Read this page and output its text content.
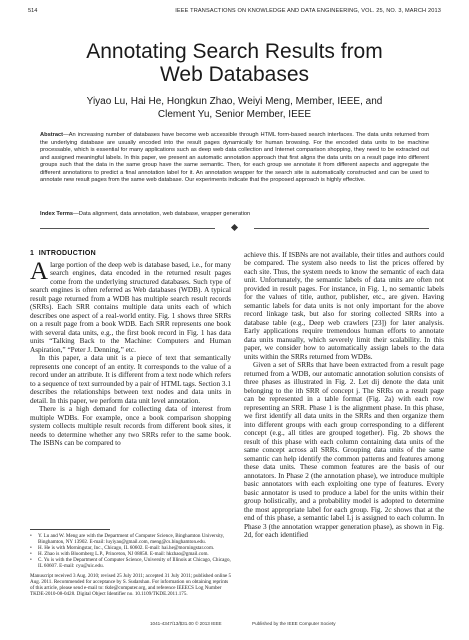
514	IEEE TRANSACTIONS ON KNOWLEDGE AND DATA ENGINEERING, VOL. 25, NO. 3, MARCH 2013
Annotating Search Results from
Web Databases
Yiyao Lu, Hai He, Hongkun Zhao, Weiyi Meng, Member, IEEE, and
Clement Yu, Senior Member, IEEE
Abstract—An increasing number of databases have become web accessible through HTML form-based search interfaces. The data units returned from the underlying database are usually encoded into the result pages dynamically for human browsing. For the encoded data units to be machine processable, which is essential for many applications such as deep web data collection and Internet comparison shopping, they need to be extracted out and assigned meaningful labels. In this paper, we present an automatic annotation approach that first aligns the data units on a result page into different groups such that the data in the same group have the same semantic. Then, for each group we annotate it from different aspects and aggregate the different annotations to predict a final annotation label for it. An annotation wrapper for the search site is automatically constructed and can be used to annotate new result pages from the same web database. Our experiments indicate that the proposed approach is highly effective.
Index Terms—Data alignment, data annotation, web database, wrapper generation
1 INTRODUCTION

Alarge portion of the deep web is database based, i.e., for many search engines, data encoded in the returned result pages come from the underlying structured databases. Such type of search engines is often referred as Web databases (WDB). A typical result page returned from a WDB has multiple search result records (SRRs). Each SRR contains multiple data units each of which describes one aspect of a real-world entity. Fig. 1 shows three SRRs on a result page from a book WDB. Each SRR represents one book with several data units, e.g., the first book record in Fig. 1 has data units “Talking Back to the Machine: Computers and Human Aspiration,” “Peter J. Denning,” etc.

In this paper, a data unit is a piece of text that semantically represents one concept of an entity. It corresponds to the value of a record under an attribute. It is different from a text node which refers to a sequence of text surrounded by a pair of HTML tags. Section 3.1 describes the relationships between text nodes and data units in detail. In this paper, we perform data unit level annotation.

There is a high demand for collecting data of interest from multiple WDBs. For example, once a book comparison shopping system collects multiple result records from different book sites, it needs to determine whether any two SRRs refer to the same book. The ISBNs can be compared to

• Y. Lu and W. Meng are with the Department of Computer Science, Binghamton University, Binghamton, NY 13902. E-mail: luyiyao@gmail.com, meng@cs.binghamton.edu.
• H. He is with Morningstar, Inc., Chicago, IL 60602. E-mail: hai.he@morningstar.com.
• H. Zhao is with Bloomberg L.P., Princeton, NJ 08858. E-mail: hkzhao@gmail.com.
• C. Yu is with the Department of Computer Science, University of Illinois at Chicago, Chicago, IL 60607. E-mail: cyu@uic.edu.
Manuscript received 3 Aug. 2010; revised 25 July 2011; accepted 31 July 2011; published online 5 Aug. 2011. Recommended for acceptance by S. Sudarshan. For information on obtaining reprints of this article, please send e-mail to: tkde@computer.org, and reference IEEECS Log Number TKDE-2010-08-0428. Digital Object Identifier no. 10.1109/TKDE.2011.175.

achieve this. If ISBNs are not available, their titles and authors could be compared. The system also needs to list the prices offered by each site. Thus, the system needs to know the semantic of each data unit. Unfortunately, the semantic labels of data units are often not provided in result pages. For instance, in Fig. 1, no semantic labels for the values of title, author, publisher, etc., are given. Having semantic labels for data units is not only important for the above record linkage task, but also for storing collected SRRs into a database table (e.g., Deep web crawlers [23]) for later analysis. Early applications require tremendous human efforts to annotate data units manually, which severely limit their scalability. In this paper, we consider how to automatically assign labels to the data units within the SRRs returned from WDBs.

Given a set of SRRs that have been extracted from a result page returned from a WDB, our automatic annotation solution consists of three phases as illustrated in Fig. 2. Let dij denote the data unit belonging to the ith SRR of concept j. The SRRs on a result page can be represented in a table format (Fig. 2a) with each row representing an SRR. Phase 1 is the alignment phase. In this phase, we first identify all data units in the SRRs and then organize them into different groups with each group corresponding to a different concept (e.g., all titles are grouped together). Fig. 2b shows the result of this phase with each column containing data units of the same concept across all SRRs. Grouping data units of the same semantic can help identify the common patterns and features among these data units. These common features are the basis of our annotators. In Phase 2 (the annotation phase), we introduce multiple basic annotators with each exploiting one type of features. Every basic annotator is used to produce a label for the units within their group holistically, and a probability model is adopted to determine the most appropriate label for each group. Fig. 2c shows that at the end of this phase, a semantic label Lj is assigned to each column. In Phase 3 (the annotation wrapper generation phase), as shown in Fig. 2d, for each identified

1041-4347/13/$31.00 © 2013 IEEE	Published by the IEEE Computer Society
